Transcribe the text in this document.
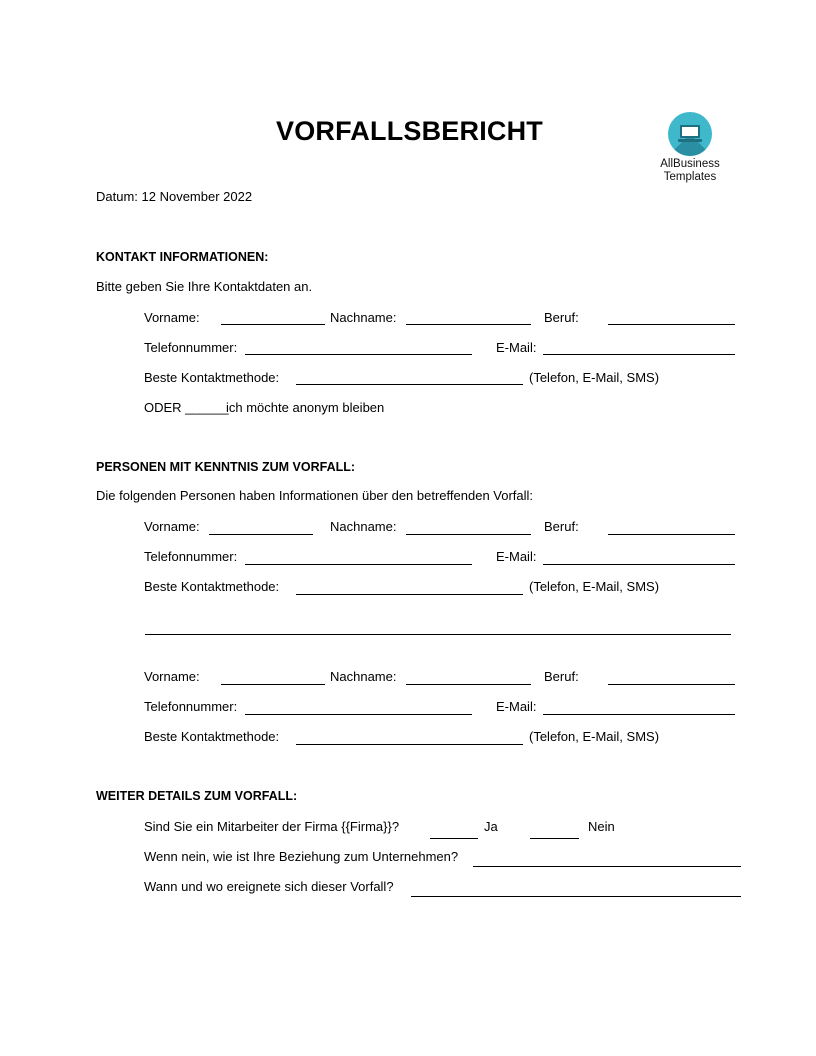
VORFALLSBERICHT
AllBusiness
Templates
Datum: 12 November 2022
KONTAKT INFORMATIONEN:
Bitte geben Sie Ihre Kontaktdaten an.
Vorname:	Nachname:	Beruf:
Telefonnummer:	E-Mail:
Beste Kontaktmethode:	(Telefon, E-Mail, SMS)
ODER ______
ich möchte anonym bleiben
PERSONEN MIT KENNTNIS ZUM VORFALL:
Die folgenden Personen haben Informationen über den betreffenden Vorfall:
Vorname:	Nachname:	Beruf:
Telefonnummer:	E-Mail:
Beste Kontaktmethode:	(Telefon, E-Mail, SMS)
Vorname:	Nachname:	Beruf:
Telefonnummer:	E-Mail:
Beste Kontaktmethode:	(Telefon, E-Mail, SMS)
WEITER DETAILS ZUM VORFALL:
Sind Sie ein Mitarbeiter der Firma {{Firma}}?	Ja	Nein
Wenn nein, wie ist Ihre Beziehung zum Unternehmen?
Wann und wo ereignete sich dieser Vorfall?
